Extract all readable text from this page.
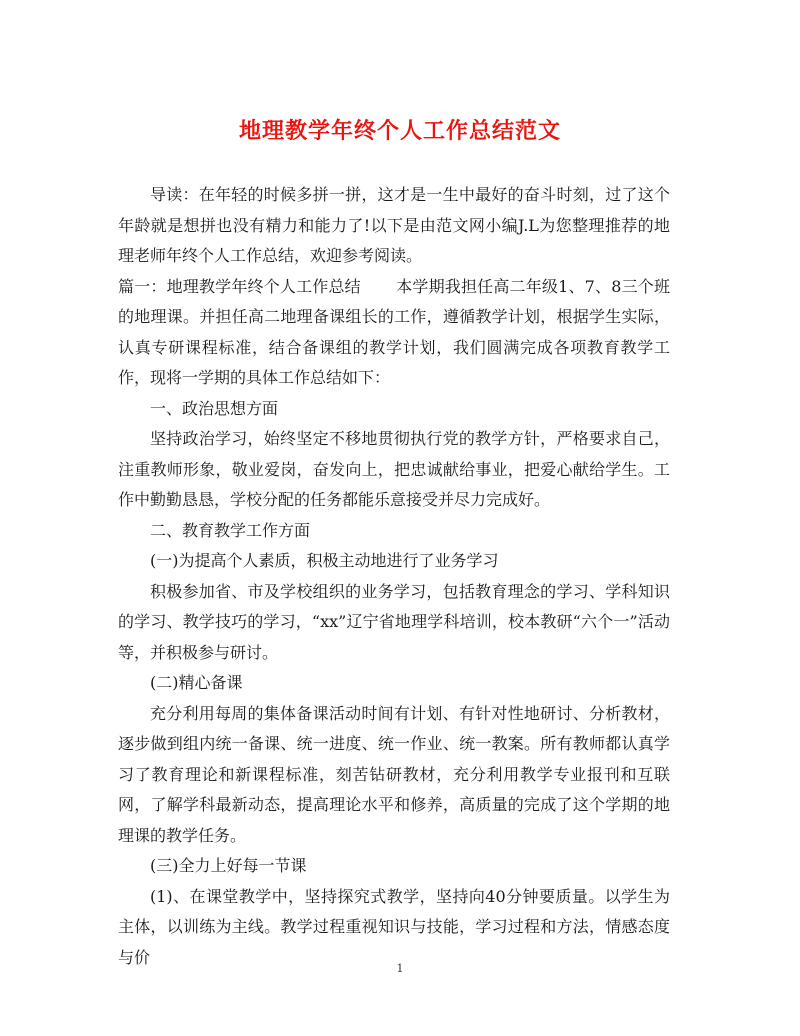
地理教学年终个人工作总结范文

导读：在年轻的时候多拼一拼，这才是一生中最好的奋斗时刻，过了这个年龄就是想拼也没有精力和能力了!以下是由范文网小编J.L为您整理推荐的地理老师年终个人工作总结，欢迎参考阅读。

篇一：地理教学年终个人工作总结 本学期我担任高二年级1、7、8三个班的地理课。并担任高二地理备课组长的工作，遵循教学计划，根据学生实际，认真专研课程标准，结合备课组的教学计划，我们圆满完成各项教育教学工作，现将一学期的具体工作总结如下：

一、政治思想方面

坚持政治学习，始终坚定不移地贯彻执行党的教学方针，严格要求自己，注重教师形象，敬业爱岗，奋发向上，把忠诚献给事业，把爱心献给学生。工作中勤勤恳恳，学校分配的任务都能乐意接受并尽力完成好。

二、教育教学工作方面

(一)为提高个人素质，积极主动地进行了业务学习

积极参加省、市及学校组织的业务学习，包括教育理念的学习、学科知识的学习、教学技巧的学习，“xx”辽宁省地理学科培训，校本教研“六个一”活动等，并积极参与研讨。

(二)精心备课

充分利用每周的集体备课活动时间有计划、有针对性地研讨、分析教材，逐步做到组内统一备课、统一进度、统一作业、统一教案。所有教师都认真学习了教育理论和新课程标准，刻苦钻研教材，充分利用教学专业报刊和互联网，了解学科最新动态，提高理论水平和修养，高质量的完成了这个学期的地理课的教学任务。

(三)全力上好每一节课

(1)、在课堂教学中，坚持探究式教学，坚持向40分钟要质量。以学生为主体，以训练为主线。教学过程重视知识与技能，学习过程和方法，情感态度与价

1
